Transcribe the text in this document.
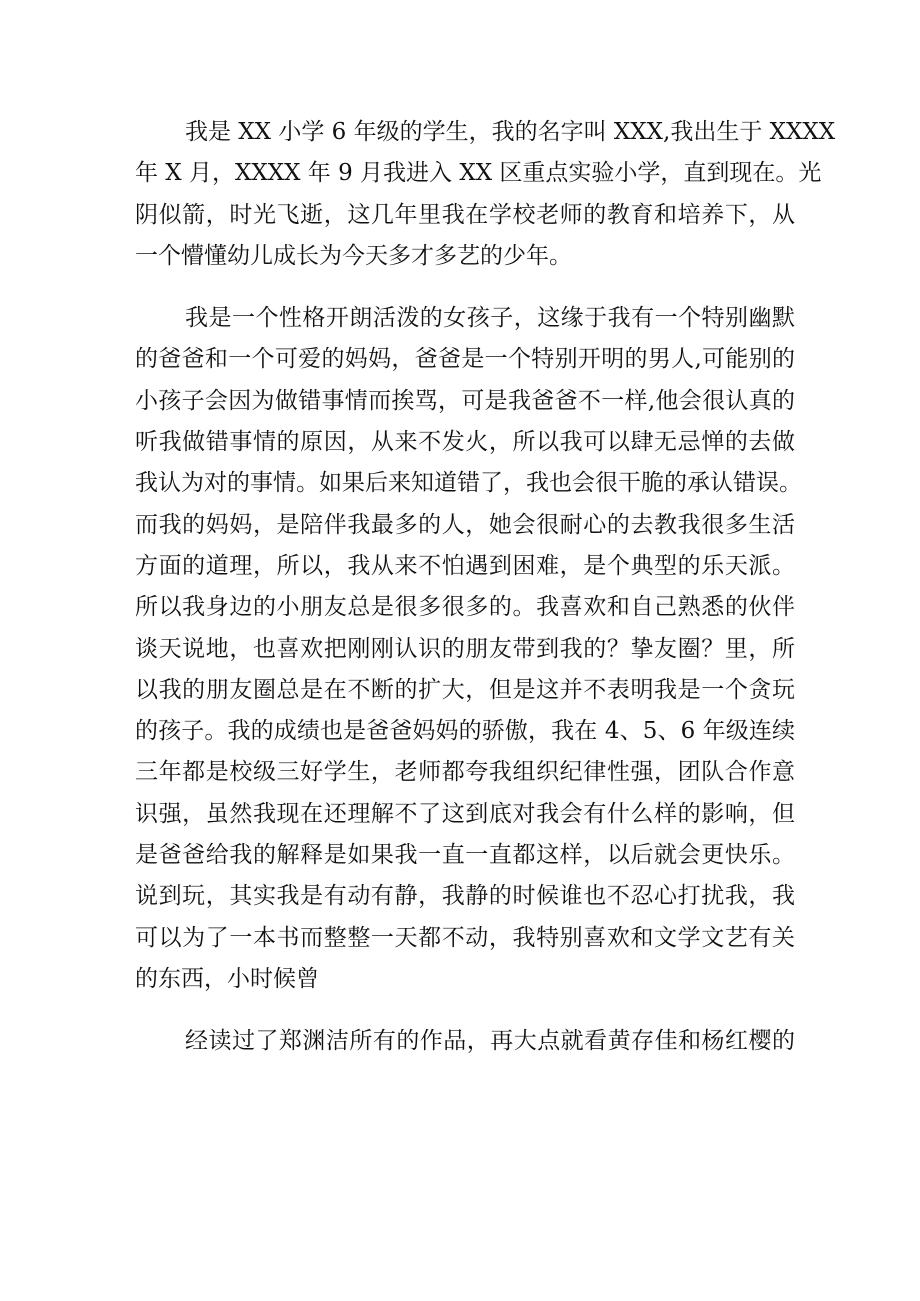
我是 XX 小学 6 年级的学生，我的名字叫 XXX,我出生于 XXXX
年 X 月，XXXX 年 9 月我进入 XX 区重点实验小学，直到现在。光
阴似箭，时光飞逝，这几年里我在学校老师的教育和培养下，从
一个懵懂幼儿成长为今天多才多艺的少年。
我是一个性格开朗活泼的女孩子，这缘于我有一个特别幽默
的爸爸和一个可爱的妈妈，爸爸是一个特别开明的男人,可能别的
小孩子会因为做错事情而挨骂，可是我爸爸不一样,他会很认真的
听我做错事情的原因，从来不发火，所以我可以肆无忌惮的去做
我认为对的事情。如果后来知道错了，我也会很干脆的承认错误。
而我的妈妈，是陪伴我最多的人，她会很耐心的去教我很多生活
方面的道理，所以，我从来不怕遇到困难，是个典型的乐天派。
所以我身边的小朋友总是很多很多的。我喜欢和自己熟悉的伙伴
谈天说地，也喜欢把刚刚认识的朋友带到我的？挚友圈？里，所
以我的朋友圈总是在不断的扩大，但是这并不表明我是一个贪玩
的孩子。我的成绩也是爸爸妈妈的骄傲，我在 4、5、6 年级连续
三年都是校级三好学生，老师都夸我组织纪律性强，团队合作意
识强，虽然我现在还理解不了这到底对我会有什么样的影响，但
是爸爸给我的解释是如果我一直一直都这样，以后就会更快乐。
说到玩，其实我是有动有静，我静的时候谁也不忍心打扰我，我
可以为了一本书而整整一天都不动，我特别喜欢和文学文艺有关
的东西，小时候曾
经读过了郑渊洁所有的作品，再大点就看黄存佳和杨红樱的
